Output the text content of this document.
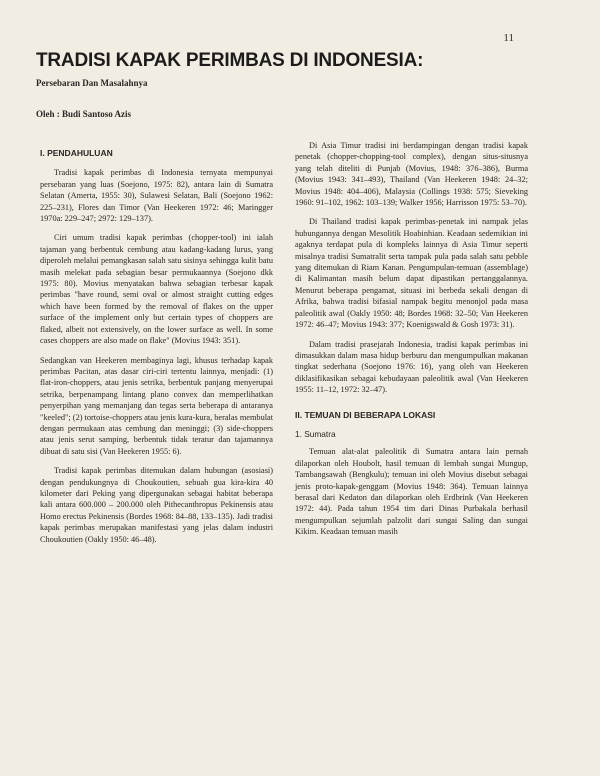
11
TRADISI KAPAK PERIMBAS DI INDONESIA:
Persebaran Dan Masalahnya
Oleh : Budi Santoso Azis
I. PENDAHULUAN

Tradisi kapak perimbas di Indonesia ternyata mempunyai persebaran yang luas (Soejono, 1975: 82), antara lain di Sumatra Selatan (Amerta, 1955: 30), Sulawesi Selatan, Bali (Soejono 1962: 225–231), Flores dan Timor (Van Heekeren 1972: 46; Maringger 1970a: 229–247; 2972: 129–137).

Ciri umum tradisi kapak perimbas (chopper-tool) ini ialah tajaman yang berbentuk cembung atau kadang-kadang lurus, yang diperoleh melalui pemangkasan salah satu sisinya sehingga kulit batu masih melekat pada sebagian besar permukaannya (Soejono dkk 1975: 80). Movius menyatakan bahwa sebagian terbesar kapak perimbas "have round, semi oval or almost straight cutting edges which have been formed by the removal of flakes on the upper surface of the implement only but certain types of choppers are flaked, albeit not extensively, on the lower surface as well. In some cases choppers are also made on flake" (Movius 1943: 351).

Sedangkan van Heekeren membaginya lagi, khusus terhadap kapak perimbas Pacitan, atas dasar ciri-ciri tertentu lainnya, menjadi: (1) flat-iron-choppers, atau jenis setrika, berbentuk panjang menyerupai setrika, berpenampang lintang plano convex dan memperlihatkan penyerpihan yang memanjang dan tegas serta beberapa di antaranya "keeled"; (2) tortoise-choppers atau jenis kura-kura, beralas membulat dengan permukaan atas cembung dan meninggi; (3) side-choppers atau jenis serut samping, berbentuk tidak teratur dan tajamannya dibuat di satu sisi (Van Heekeren 1955: 6).

Tradisi kapak perimbas ditemukan dalam hubungan (asosiasi) dengan pendukungnya di Choukoutien, sebuah gua kira-kira 40 kilometer dari Peking yang dipergunakan sebagai habitat beberapa kali antara 600.000 – 200.000 oleh Pithecanthropus Pekinensis atau Homo erectus Pekinensis (Bordes 1968: 84–88, 133–135). Jadi tradisi kapak perimbas merupakan manifestasi yang jelas dalam industri Choukoutien (Oakly 1950: 46–48).

Di Asia Timur tradisi ini berdampingan dengan tradisi kapak penetak (chopper-chopping-tool complex), dengan situs-situsnya yang telah diteliti di Punjab (Movius, 1948: 376–386), Burma (Movius 1943: 341–493), Thailand (Van Heekeren 1948: 24–32; Movius 1948: 404–406), Malaysia (Collings 1938: 575; Sieveking 1960: 91–102, 1962: 103–139; Walker 1956; Harrisson 1975: 53–70).

Di Thailand tradisi kapak perimbas-penetak ini nampak jelas hubungannya dengan Mesolitik Hoabinhian. Keadaan sedemikian ini agaknya terdapat pula di kompleks lainnya di Asia Timur seperti misalnya tradisi Sumatralit serta tampak pula pada salah satu pebble yang ditemukan di Riam Kanan. Pengumpulan-temuan (assemblage) di Kalimantan masih belum dapat dipastikan pertanggalannya. Menurut beberapa pengamat, situasi ini berbeda sekali dengan di Afrika, bahwa tradisi bifasial nampak begitu menonjol pada masa paleolitik awal (Oakly 1950: 48; Bordes 1968: 32–50; Van Heekeren 1972: 46–47; Movius 1943: 377; Koenigswald & Gosh 1973: 31).

Dalam tradisi prasejarah Indonesia, tradisi kapak perimbas ini dimasukkan dalam masa hidup berburu dan mengumpulkan makanan tingkat sederhana (Soejono 1976: 16), yang oleh van Heekeren diklasifikasikan sebagai kebudayaan paleolitik awal (Van Heekeren 1955: 11–12, 1972: 32–47).

II. TEMUAN DI BEBERAPA LOKASI
1. Sumatra

Temuan alat-alat paleolitik di Sumatra antara lain pernah dilaporkan oleh Houbolt, hasil temuan di lembah sungai Mungup, Tambangsawah (Bengkulu); temuan ini oleh Movius disebut sebagai jenis proto-kapak-genggam (Movius 1948: 364). Temuan lainnya berasal dari Kedaton dan dilaporkan oleh Erdbrink (Van Heekeren 1972: 44). Pada tahun 1954 tim dari Dinas Purbakala berhasil mengumpulkan sejumlah palzolit dari sungai Saling dan sungai Kikim. Keadaan temuan masih
